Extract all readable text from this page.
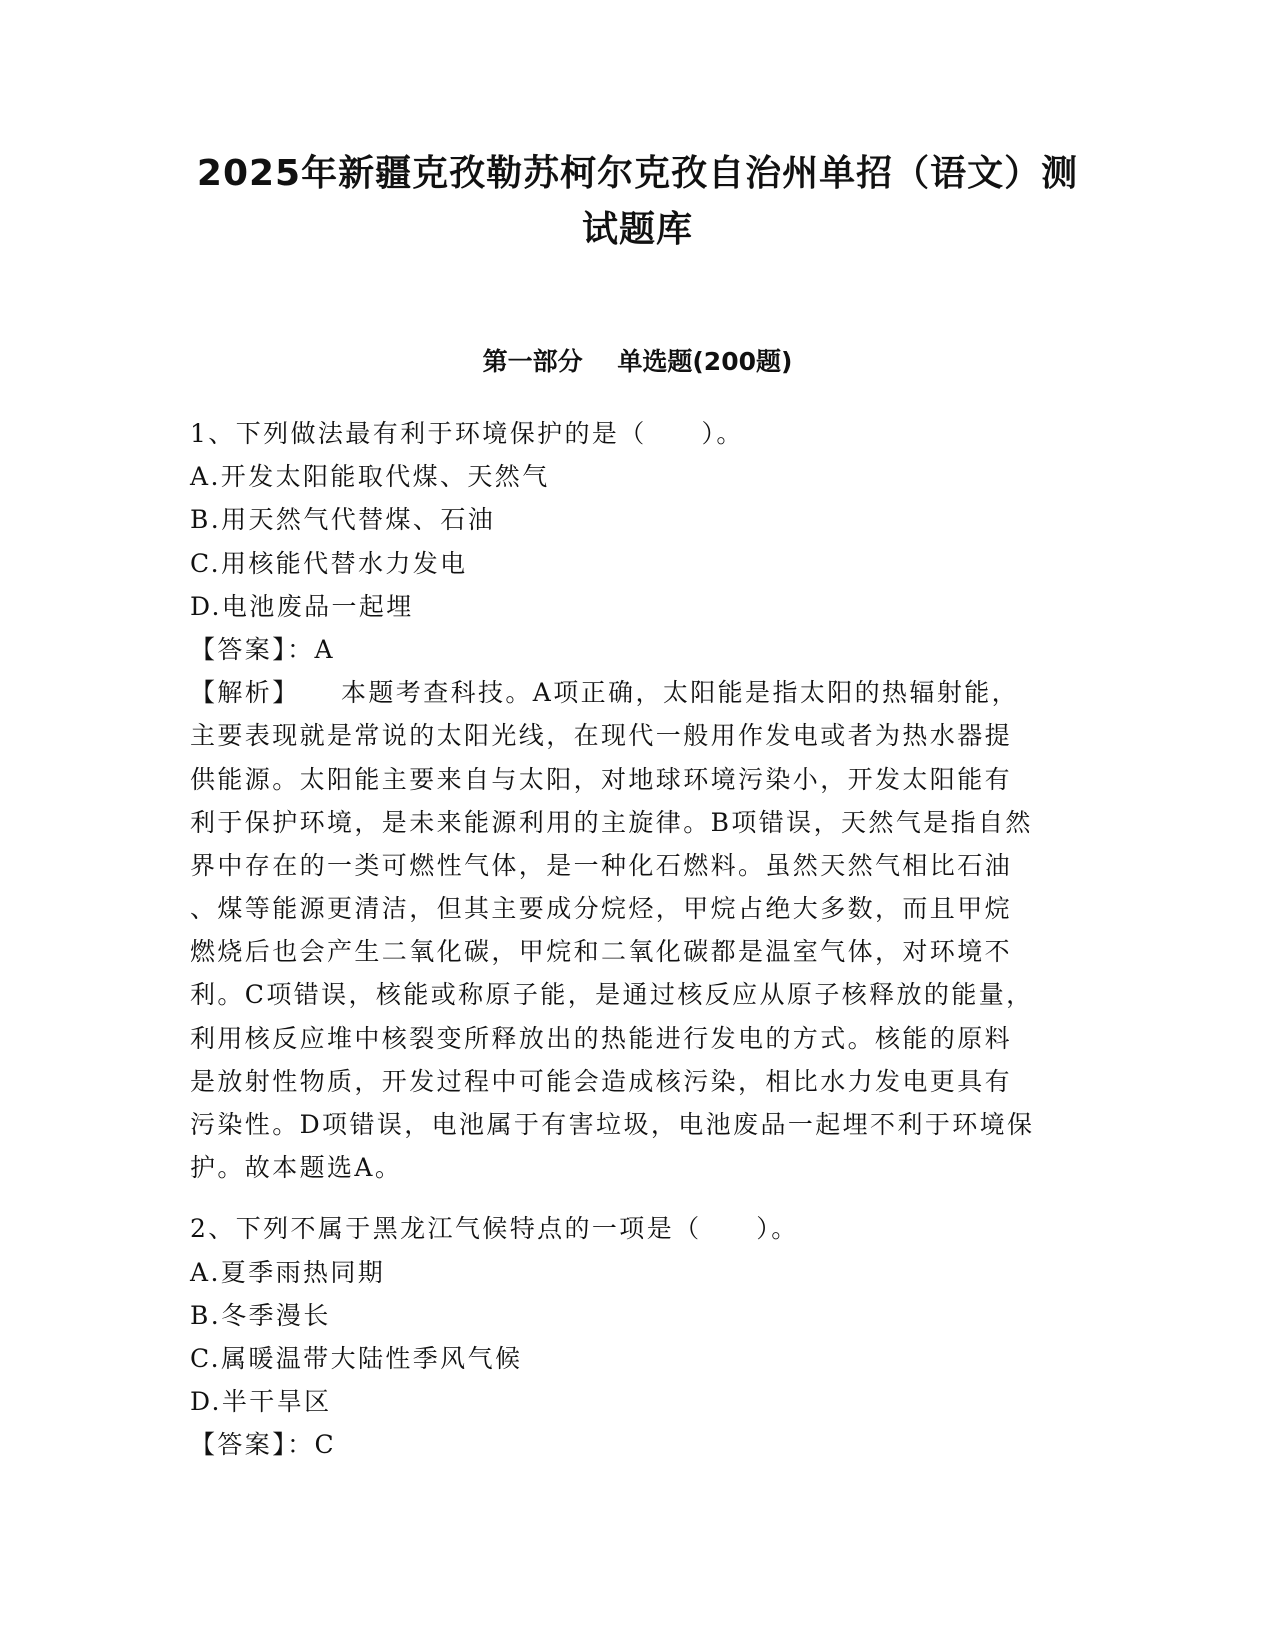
2025年新疆克孜勒苏柯尔克孜自治州单招（语文）测试题库
第一部分    单选题(200题)
1、下列做法最有利于环境保护的是（　　）。
A.开发太阳能取代煤、天然气
B.用天然气代替煤、石油
C.用核能代替水力发电
D.电池废品一起埋
【答案】：A
【解析】 本题考查科技。A项正确，太阳能是指太阳的热辐射能，
主要表现就是常说的太阳光线，在现代一般用作发电或者为热水器提
供能源。太阳能主要来自与太阳，对地球环境污染小，开发太阳能有
利于保护环境，是未来能源利用的主旋律。B项错误，天然气是指自然
界中存在的一类可燃性气体，是一种化石燃料。虽然天然气相比石油
、煤等能源更清洁，但其主要成分烷烃，甲烷占绝大多数，而且甲烷
燃烧后也会产生二氧化碳，甲烷和二氧化碳都是温室气体，对环境不
利。C项错误，核能或称原子能，是通过核反应从原子核释放的能量，
利用核反应堆中核裂变所释放出的热能进行发电的方式。核能的原料
是放射性物质，开发过程中可能会造成核污染，相比水力发电更具有
污染性。D项错误，电池属于有害垃圾，电池废品一起埋不利于环境保
护。故本题选A。
2、下列不属于黑龙江气候特点的一项是（　　）。
A.夏季雨热同期
B.冬季漫长
C.属暖温带大陆性季风气候
D.半干旱区
【答案】：C
